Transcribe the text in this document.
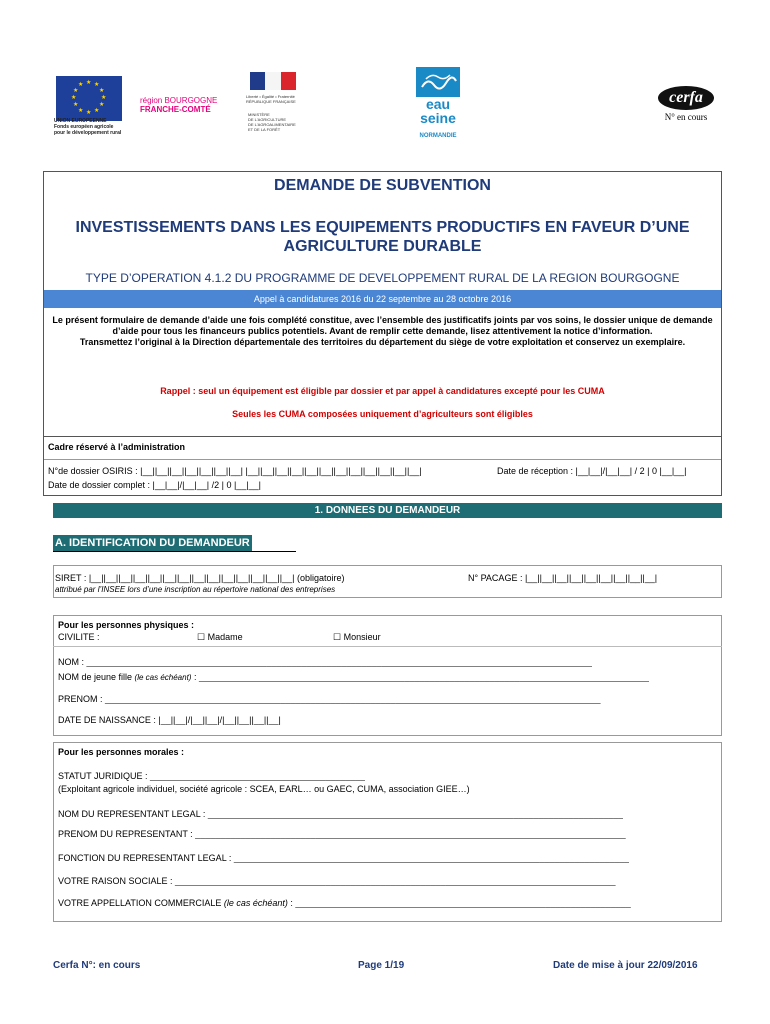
★ ★
★
★
★
★
★
★
★
★
★
★
UNION EUROPEENNE
Fonds européen agricole
pour le développement rural
région BOURGOGNE
FRANCHE-COMTÉ
Liberté • Égalité • Fraternité
RÉPUBLIQUE FRANÇAISE
MINISTÈRE
DE L'AGRICULTURE
DE L'AGROALIMENTAIRE
ET DE LA FORÊT
eau
seine
NORMANDIE
cerfa
N° en cours
DEMANDE DE SUBVENTION
INVESTISSEMENTS DANS LES EQUIPEMENTS PRODUCTIFS EN FAVEUR D’UNE AGRICULTURE DURABLE
TYPE D’OPERATION 4.1.2 DU PROGRAMME DE DEVELOPPEMENT RURAL DE LA REGION BOURGOGNE
Appel à candidatures 2016 du 22 septembre au 28 octobre 2016
Le présent formulaire de demande d’aide une fois complété constitue, avec l’ensemble des justificatifs joints par vos soins, le dossier unique de demande d’aide pour tous les financeurs publics potentiels. Avant de remplir cette demande, lisez attentivement la notice d’information.
Transmettez l’original à la Direction départementale des territoires du département du siège de votre exploitation et conservez un exemplaire.
Rappel : seul un équipement est éligible par dossier et par appel à candidatures excepté pour les CUMA
Seules les CUMA composées uniquement d’agriculteurs sont éligibles
Cadre réservé à l’administration
N°de dossier OSIRIS : |__||__||__||__||__||__||__| |__||__||__||__||__||__||__||__||__||__||__||__|	Date de réception : |__|__|/|__|__| / 2 | 0 |__|__|
Date de dossier complet : |__|__|/|__|__| /2 | 0 |__|__|
1. DONNEES DU DEMANDEUR
A. IDENTIFICATION DU DEMANDEUR
SIRET : |__||__||__||__||__||__||__||__||__||__||__||__||__||__| (obligatoire)	N° PACAGE : |__||__||__||__||__||__||__||__||__|
attribué par l’INSEE lors d’une inscription au répertoire national des entreprises
Pour les personnes physiques :
CIVILITE :	☐ Madame	☐ Monsieur
NOM : _____________________________________________________________________________________________________
NOM de jeune fille (le cas échéant) : __________________________________________________________________________________________
PRENOM : ___________________________________________________________________________________________________
DATE DE NAISSANCE : |__||__|/|__||__|/|__||__||__||__|
Pour les personnes morales :
STATUT JURIDIQUE : ___________________________________________
(Exploitant agricole individuel, société agricole : SCEA, EARL… ou GAEC, CUMA, association GIEE…)
NOM DU REPRESENTANT LEGAL : ___________________________________________________________________________________
PRENOM DU REPRESENTANT : ______________________________________________________________________________________
FONCTION DU REPRESENTANT LEGAL : _______________________________________________________________________________
VOTRE RAISON SOCIALE : ________________________________________________________________________________________
VOTRE APPELLATION COMMERCIALE (le cas échéant) : ___________________________________________________________________
Cerfa N°: en cours	Page 1/19	Date de mise à jour 22/09/2016
